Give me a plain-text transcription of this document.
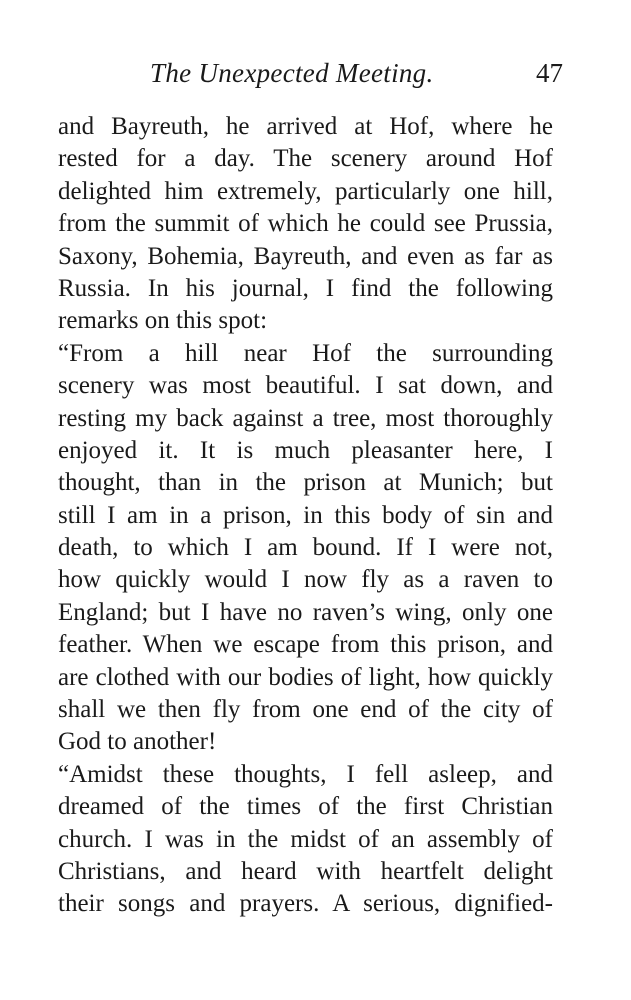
The Unexpected Meeting.	47
and Bayreuth, he arrived at Hof, where he
rested for a day. The scenery around Hof
delighted him extremely, particularly one hill,
from the summit of which he could see Prussia,
Saxony, Bohemia, Bayreuth, and even as far as
Russia. In his journal, I find the following
remarks on this spot:
“From a hill near Hof the surrounding
scenery was most beautiful. I sat down, and
resting my back against a tree, most thoroughly
enjoyed it. It is much pleasanter here, I
thought, than in the prison at Munich; but
still I am in a prison, in this body of sin and
death, to which I am bound. If I were not,
how quickly would I now fly as a raven to
England; but I have no raven’s wing, only one
feather. When we escape from this prison, and
are clothed with our bodies of light, how quickly
shall we then fly from one end of the city of
God to another!
“Amidst these thoughts, I fell asleep, and
dreamed of the times of the first Christian
church. I was in the midst of an assembly of
Christians, and heard with heartfelt delight
their songs and prayers. A serious, dignified-
